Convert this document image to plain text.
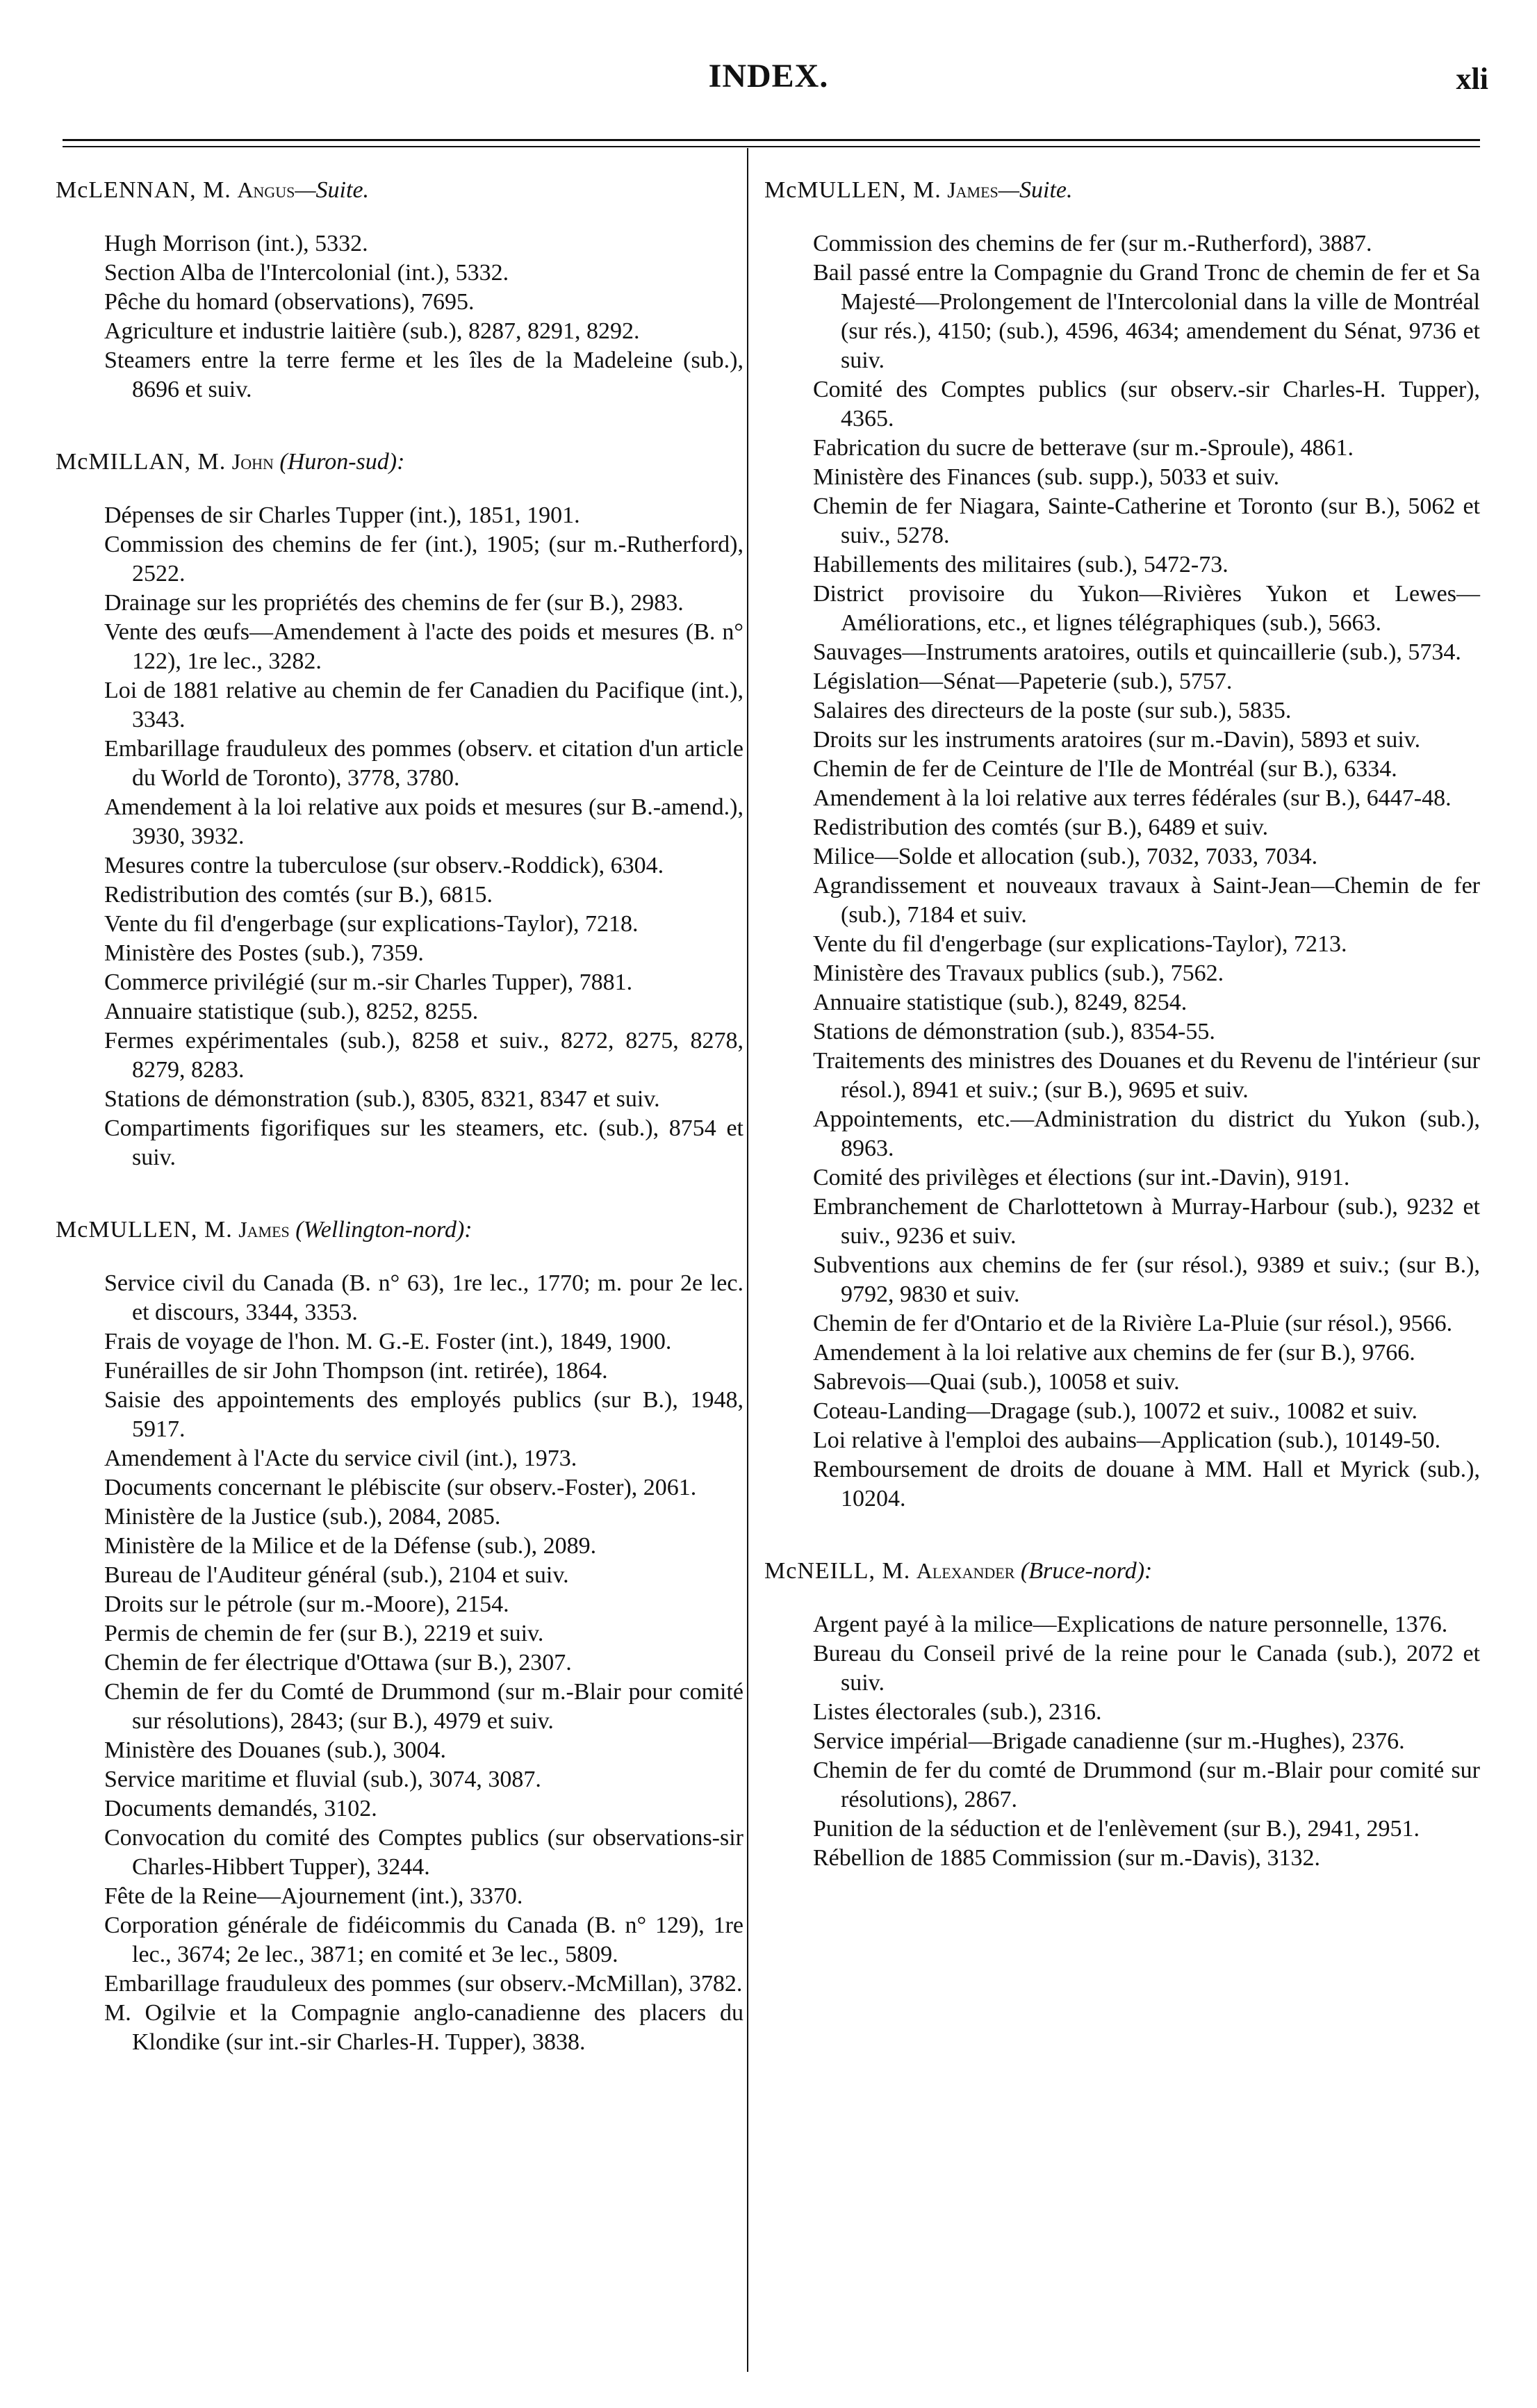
INDEX.	xli
McLENNAN, M. Angus—Suite.

Hugh Morrison (int.), 5332.

Section Alba de l'Intercolonial (int.), 5332.

Pêche du homard (observations), 7695.

Agriculture et industrie laitière (sub.), 8287, 8291, 8292.

Steamers entre la terre ferme et les îles de la Madeleine (sub.), 8696 et suiv.

McMILLAN, M. John (Huron-sud):

Dépenses de sir Charles Tupper (int.), 1851, 1901.

Commission des chemins de fer (int.), 1905; (sur m.-Rutherford), 2522.

Drainage sur les propriétés des chemins de fer (sur B.), 2983.

Vente des œufs—Amendement à l'acte des poids et mesures (B. n° 122), 1re lec., 3282.

Loi de 1881 relative au chemin de fer Canadien du Pacifique (int.), 3343.

Embarillage frauduleux des pommes (observ. et citation d'un article du World de Toronto), 3778, 3780.

Amendement à la loi relative aux poids et mesures (sur B.-amend.), 3930, 3932.

Mesures contre la tuberculose (sur observ.-Roddick), 6304.

Redistribution des comtés (sur B.), 6815.

Vente du fil d'engerbage (sur explications-Taylor), 7218.

Ministère des Postes (sub.), 7359.

Commerce privilégié (sur m.-sir Charles Tupper), 7881.

Annuaire statistique (sub.), 8252, 8255.

Fermes expérimentales (sub.), 8258 et suiv., 8272, 8275, 8278, 8279, 8283.

Stations de démonstration (sub.), 8305, 8321, 8347 et suiv.

Compartiments figorifiques sur les steamers, etc. (sub.), 8754 et suiv.

McMULLEN, M. James (Wellington-nord):

Service civil du Canada (B. n° 63), 1re lec., 1770; m. pour 2e lec. et discours, 3344, 3353.

Frais de voyage de l'hon. M. G.-E. Foster (int.), 1849, 1900.

Funérailles de sir John Thompson (int. retirée), 1864.

Saisie des appointements des employés publics (sur B.), 1948, 5917.

Amendement à l'Acte du service civil (int.), 1973.

Documents concernant le plébiscite (sur observ.-Foster), 2061.

Ministère de la Justice (sub.), 2084, 2085.

Ministère de la Milice et de la Défense (sub.), 2089.

Bureau de l'Auditeur général (sub.), 2104 et suiv.

Droits sur le pétrole (sur m.-Moore), 2154.

Permis de chemin de fer (sur B.), 2219 et suiv.

Chemin de fer électrique d'Ottawa (sur B.), 2307.

Chemin de fer du Comté de Drummond (sur m.-Blair pour comité sur résolutions), 2843; (sur B.), 4979 et suiv.

Ministère des Douanes (sub.), 3004.

Service maritime et fluvial (sub.), 3074, 3087.

Documents demandés, 3102.

Convocation du comité des Comptes publics (sur observations-sir Charles-Hibbert Tupper), 3244.

Fête de la Reine—Ajournement (int.), 3370.

Corporation générale de fidéicommis du Canada (B. n° 129), 1re lec., 3674; 2e lec., 3871; en comité et 3e lec., 5809.

Embarillage frauduleux des pommes (sur observ.-McMillan), 3782.

M. Ogilvie et la Compagnie anglo-canadienne des placers du Klondike (sur int.-sir Charles-H. Tupper), 3838.

McMULLEN, M. James—Suite.

Commission des chemins de fer (sur m.-Rutherford), 3887.

Bail passé entre la Compagnie du Grand Tronc de chemin de fer et Sa Majesté—Prolongement de l'Intercolonial dans la ville de Montréal (sur rés.), 4150; (sub.), 4596, 4634; amendement du Sénat, 9736 et suiv.

Comité des Comptes publics (sur observ.-sir Charles-H. Tupper), 4365.

Fabrication du sucre de betterave (sur m.-Sproule), 4861.

Ministère des Finances (sub. supp.), 5033 et suiv.

Chemin de fer Niagara, Sainte-Catherine et Toronto (sur B.), 5062 et suiv., 5278.

Habillements des militaires (sub.), 5472-73.

District provisoire du Yukon—Rivières Yukon et Lewes—Améliorations, etc., et lignes télégraphiques (sub.), 5663.

Sauvages—Instruments aratoires, outils et quincaillerie (sub.), 5734.

Législation—Sénat—Papeterie (sub.), 5757.

Salaires des directeurs de la poste (sur sub.), 5835.

Droits sur les instruments aratoires (sur m.-Davin), 5893 et suiv.

Chemin de fer de Ceinture de l'Ile de Montréal (sur B.), 6334.

Amendement à la loi relative aux terres fédérales (sur B.), 6447-48.

Redistribution des comtés (sur B.), 6489 et suiv.

Milice—Solde et allocation (sub.), 7032, 7033, 7034.

Agrandissement et nouveaux travaux à Saint-Jean—Chemin de fer (sub.), 7184 et suiv.

Vente du fil d'engerbage (sur explications-Taylor), 7213.

Ministère des Travaux publics (sub.), 7562.

Annuaire statistique (sub.), 8249, 8254.

Stations de démonstration (sub.), 8354-55.

Traitements des ministres des Douanes et du Revenu de l'intérieur (sur résol.), 8941 et suiv.; (sur B.), 9695 et suiv.

Appointements, etc.—Administration du district du Yukon (sub.), 8963.

Comité des privilèges et élections (sur int.-Davin), 9191.

Embranchement de Charlottetown à Murray-Harbour (sub.), 9232 et suiv., 9236 et suiv.

Subventions aux chemins de fer (sur résol.), 9389 et suiv.; (sur B.), 9792, 9830 et suiv.

Chemin de fer d'Ontario et de la Rivière La-Pluie (sur résol.), 9566.

Amendement à la loi relative aux chemins de fer (sur B.), 9766.

Sabrevois—Quai (sub.), 10058 et suiv.

Coteau-Landing—Dragage (sub.), 10072 et suiv., 10082 et suiv.

Loi relative à l'emploi des aubains—Application (sub.), 10149-50.

Remboursement de droits de douane à MM. Hall et Myrick (sub.), 10204.

McNEILL, M. Alexander (Bruce-nord):

Argent payé à la milice—Explications de nature personnelle, 1376.

Bureau du Conseil privé de la reine pour le Canada (sub.), 2072 et suiv.

Listes électorales (sub.), 2316.

Service impérial—Brigade canadienne (sur m.-Hughes), 2376.

Chemin de fer du comté de Drummond (sur m.-Blair pour comité sur résolutions), 2867.

Punition de la séduction et de l'enlèvement (sur B.), 2941, 2951.

Rébellion de 1885 Commission (sur m.-Davis), 3132.
